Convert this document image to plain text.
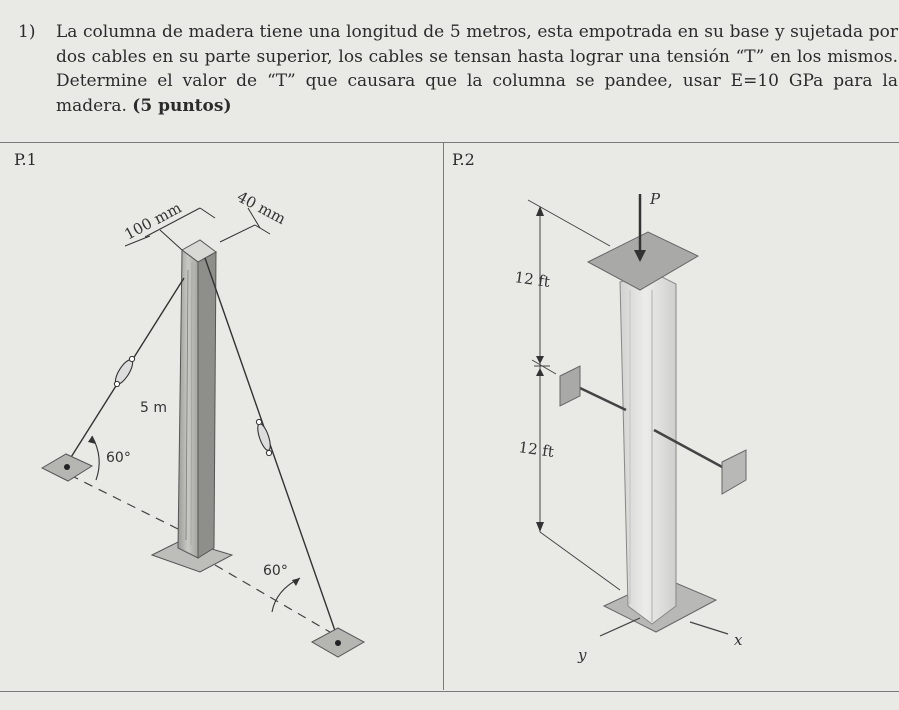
1) La columna de madera tiene una longitud de 5 metros, esta empotrada en su base y sujetada por dos cables en su parte superior, los cables se tensan hasta lograr una tensión “T” en los mismos. Determine el valor de “T” que causara que la columna se pandee, usar E=10 GPa para la madera. (5 puntos)
P.1	P.2
100 mm	40 mm
5 m
60°
60°
P
12 ft
12 ft
y
x
